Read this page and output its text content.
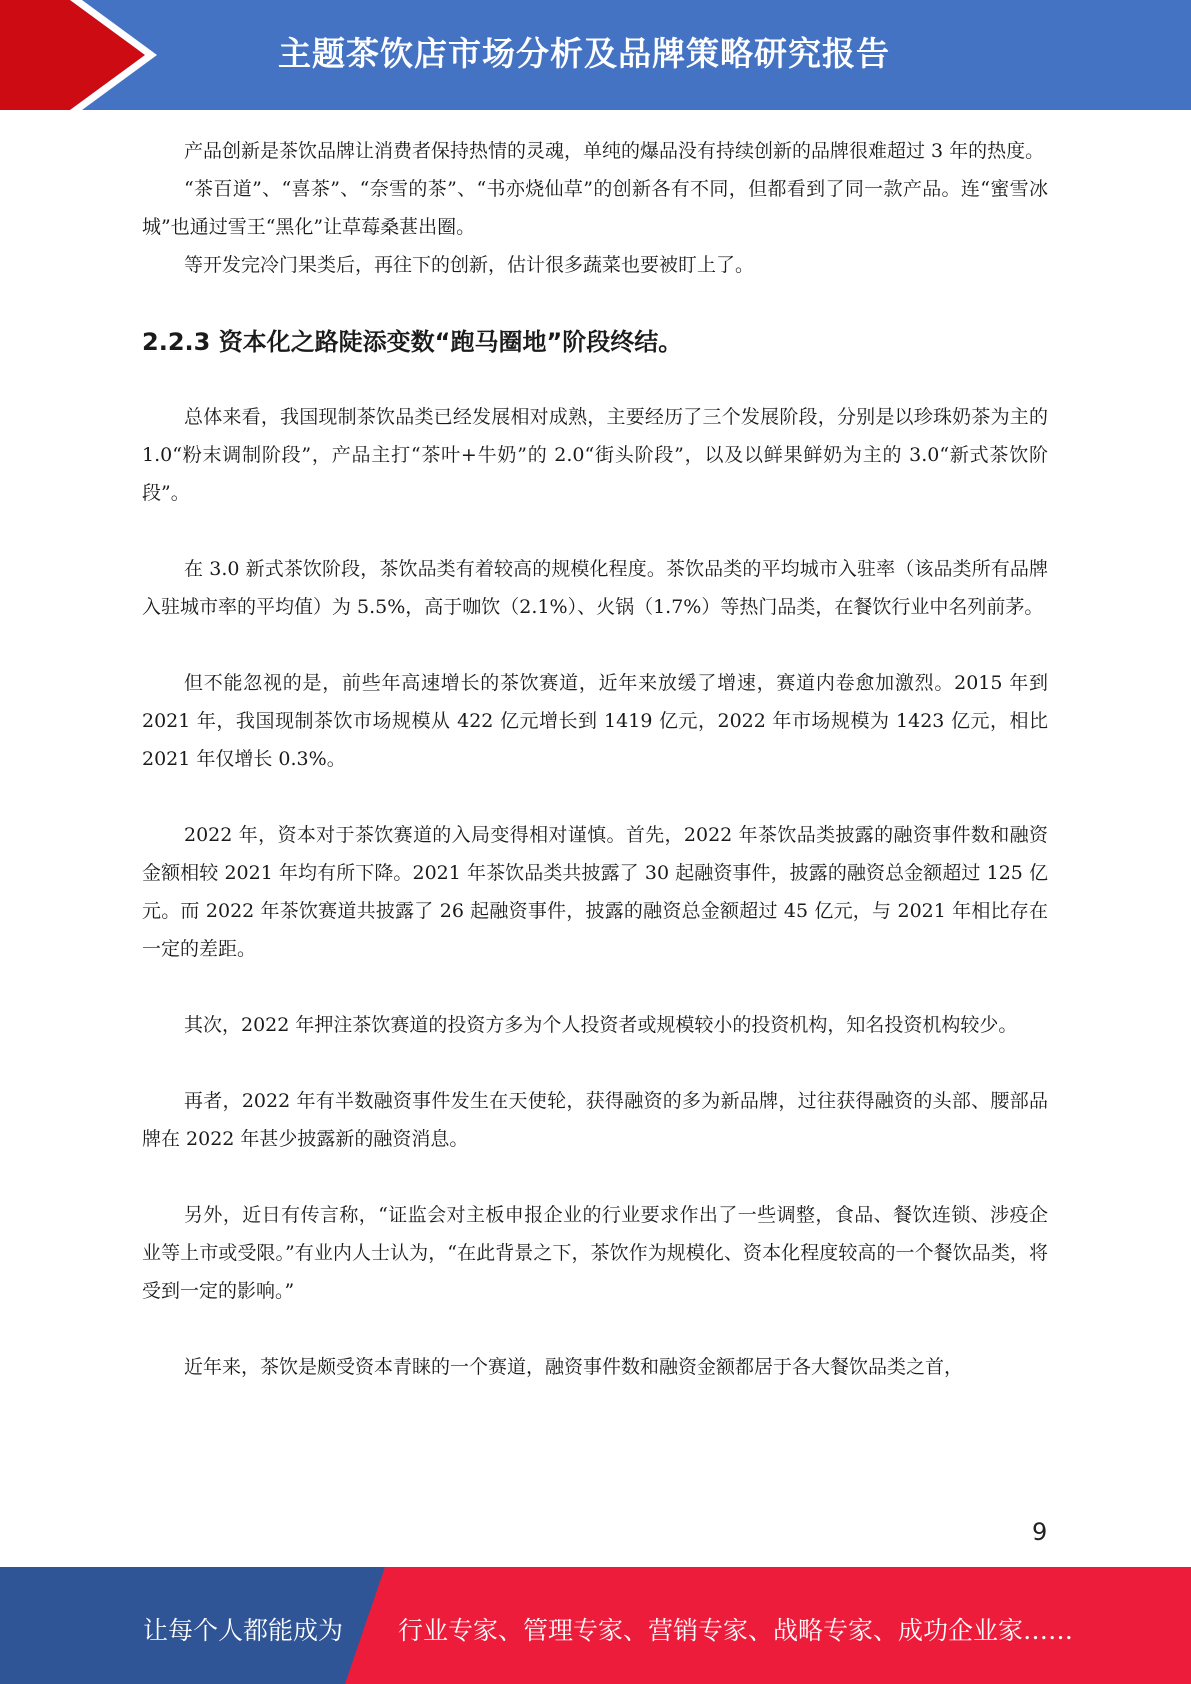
主题茶饮店市场分析及品牌策略研究报告

产品创新是茶饮品牌让消费者保持热情的灵魂，单纯的爆品没有持续创新的品牌很难超过 3 年的热度。

“茶百道”、“喜茶”、“奈雪的茶”、“书亦烧仙草”的创新各有不同，但都看到了同一款产品。连“蜜雪冰城”也通过雪王“黑化”让草莓桑葚出圈。

等开发完冷门果类后，再往下的创新，估计很多蔬菜也要被盯上了。

2.2.3 资本化之路陡添变数“跑马圈地”阶段终结。

总体来看，我国现制茶饮品类已经发展相对成熟，主要经历了三个发展阶段，分别是以珍珠奶茶为主的 1.0“粉末调制阶段”，产品主打“茶叶+牛奶”的 2.0“街头阶段”，以及以鲜果鲜奶为主的 3.0“新式茶饮阶段”。

在 3.0 新式茶饮阶段，茶饮品类有着较高的规模化程度。茶饮品类的平均城市入驻率（该品类所有品牌入驻城市率的平均值）为 5.5%，高于咖饮（2.1%）、火锅（1.7%）等热门品类，在餐饮行业中名列前茅。

但不能忽视的是，前些年高速增长的茶饮赛道，近年来放缓了增速，赛道内卷愈加激烈。2015 年到 2021 年，我国现制茶饮市场规模从 422 亿元增长到 1419 亿元，2022 年市场规模为 1423 亿元，相比 2021 年仅增长 0.3%。

2022 年，资本对于茶饮赛道的入局变得相对谨慎。首先，2022 年茶饮品类披露的融资事件数和融资金额相较 2021 年均有所下降。2021 年茶饮品类共披露了 30 起融资事件，披露的融资总金额超过 125 亿元。而 2022 年茶饮赛道共披露了 26 起融资事件，披露的融资总金额超过 45 亿元，与 2021 年相比存在一定的差距。

其次，2022 年押注茶饮赛道的投资方多为个人投资者或规模较小的投资机构，知名投资机构较少。

再者，2022 年有半数融资事件发生在天使轮，获得融资的多为新品牌，过往获得融资的头部、腰部品牌在 2022 年甚少披露新的融资消息。

另外，近日有传言称，“证监会对主板申报企业的行业要求作出了一些调整，食品、餐饮连锁、涉疫企业等上市或受限。”有业内人士认为，“在此背景之下，茶饮作为规模化、资本化程度较高的一个餐饮品类，将受到一定的影响。”

近年来，茶饮是颇受资本青睐的一个赛道，融资事件数和融资金额都居于各大餐饮品类之首，

9
让每个人都能成为 行业专家、管理专家、营销专家、战略专家、成功企业家……
